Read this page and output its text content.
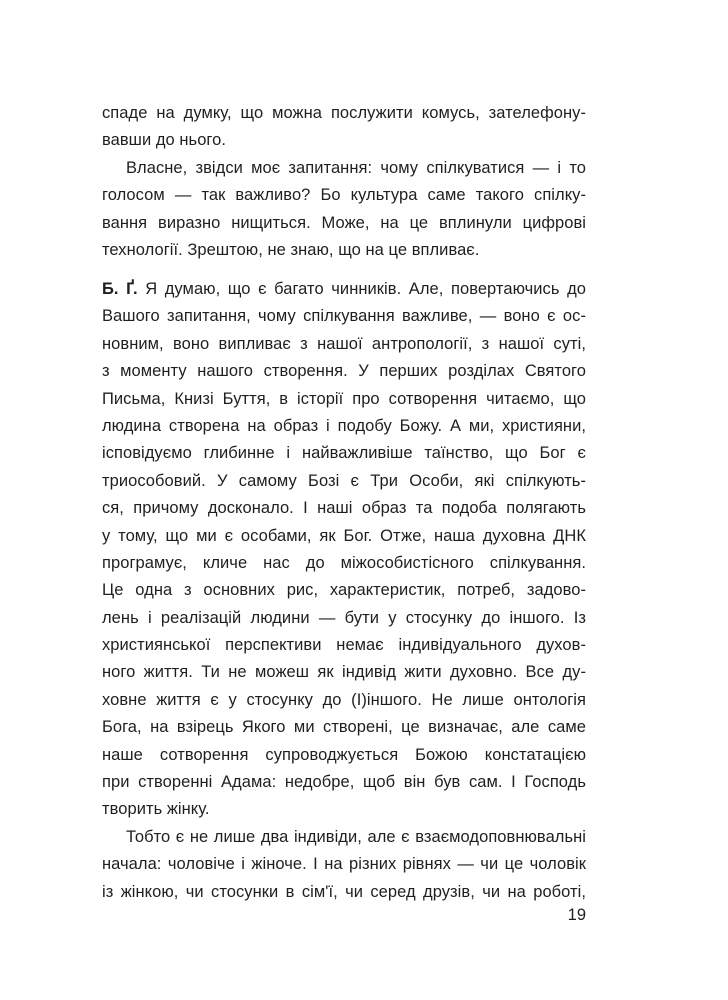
спаде на думку, що можна послужити комусь, зателефону-
вавши до нього.
Власне, звідси моє запитання: чому спілкуватися — і то
голосом — так важливо? Бо культура саме такого спілку-
вання виразно нищиться. Може, на це вплинули цифрові
технології. Зрештою, не знаю, що на це впливає.
Б. Ґ. Я думаю, що є багато чинників. Але, повертаючись до
Вашого запитання, чому спілкування важливе, — воно є ос-
новним, воно випливає з нашої антропології, з нашої суті,
з моменту нашого створення. У перших розділах Святого
Письма, Книзі Буття, в історії про сотворення читаємо, що
людина створена на образ і подобу Божу. А ми, християни,
ісповідуємо глибинне і найважливіше таїнство, що Бог є
триособовий. У самому Бозі є Три Особи, які спілкують-
ся, причому досконало. І наші образ та подоба полягають
у тому, що ми є особами, як Бог. Отже, наша духовна ДНК
програмує, кличе нас до міжособистісного спілкування.
Це одна з основних рис, характеристик, потреб, задово-
лень і реалізацій людини — бути у стосунку до іншого. Із
християнської перспективи немає індивідуального духов-
ного життя. Ти не можеш як індивід жити духовно. Все ду-
ховне життя є у стосунку до (І)іншого. Не лише онтологія
Бога, на взірець Якого ми створені, це визначає, але саме
наше сотворення супроводжується Божою констатацією
при створенні Адама: недобре, щоб він був сам. І Господь
творить жінку.
Тобто є не лише два індивіди, але є взаємодоповнювальні
начала: чоловіче і жіноче. І на різних рівнях — чи це чоловік
із жінкою, чи стосунки в сім'ї, чи серед друзів, чи на роботі,
19
